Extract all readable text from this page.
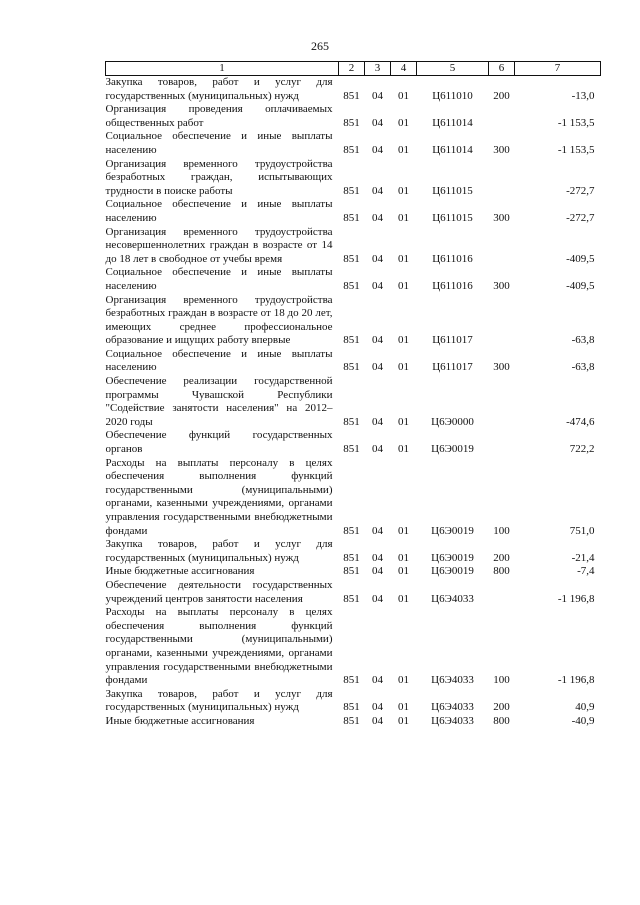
265
1	2	3	4	5	6	7
Закупка товаров, работ и услуг для государственных (муниципальных) нужд	851	04	01	Ц611010	200	-13,0
Организация проведения оплачиваемых общественных работ	851	04	01	Ц611014		-1 153,5
Социальное обеспечение и иные выплаты населению	851	04	01	Ц611014	300	-1 153,5
Организация временного трудоустройства безработных граждан, испытывающих трудности в поиске работы	851	04	01	Ц611015		-272,7
Социальное обеспечение и иные выплаты населению	851	04	01	Ц611015	300	-272,7
Организация временного трудоустройства несовершеннолетних граждан в возрасте от 14 до 18 лет в свободное от учебы время	851	04	01	Ц611016		-409,5
Социальное обеспечение и иные выплаты населению	851	04	01	Ц611016	300	-409,5
Организация временного трудоустройства безработных граждан в возрасте от 18 до 20 лет, имеющих среднее профессиональное образование и ищущих работу впервые	851	04	01	Ц611017		-63,8
Социальное обеспечение и иные выплаты населению	851	04	01	Ц611017	300	-63,8
Обеспечение реализации государственной программы Чувашской Республики "Содействие занятости населения" на 2012–2020 годы	851	04	01	Ц6Э0000		-474,6
Обеспечение функций государственных органов	851	04	01	Ц6Э0019		722,2
Расходы на выплаты персоналу в целях обеспечения выполнения функций государственными (муниципальными) органами, казенными учреждениями, органами управления государственными внебюджетными фондами	851	04	01	Ц6Э0019	100	751,0
Закупка товаров, работ и услуг для государственных (муниципальных) нужд	851	04	01	Ц6Э0019	200	-21,4
Иные бюджетные ассигнования	851	04	01	Ц6Э0019	800	-7,4
Обеспечение деятельности государственных учреждений центров занятости населения	851	04	01	Ц6Э4033		-1 196,8
Расходы на выплаты персоналу в целях обеспечения выполнения функций государственными (муниципальными) органами, казенными учреждениями, органами управления государственными внебюджетными фондами	851	04	01	Ц6Э4033	100	-1 196,8
Закупка товаров, работ и услуг для государственных (муниципальных) нужд	851	04	01	Ц6Э4033	200	40,9
Иные бюджетные ассигнования	851	04	01	Ц6Э4033	800	-40,9
